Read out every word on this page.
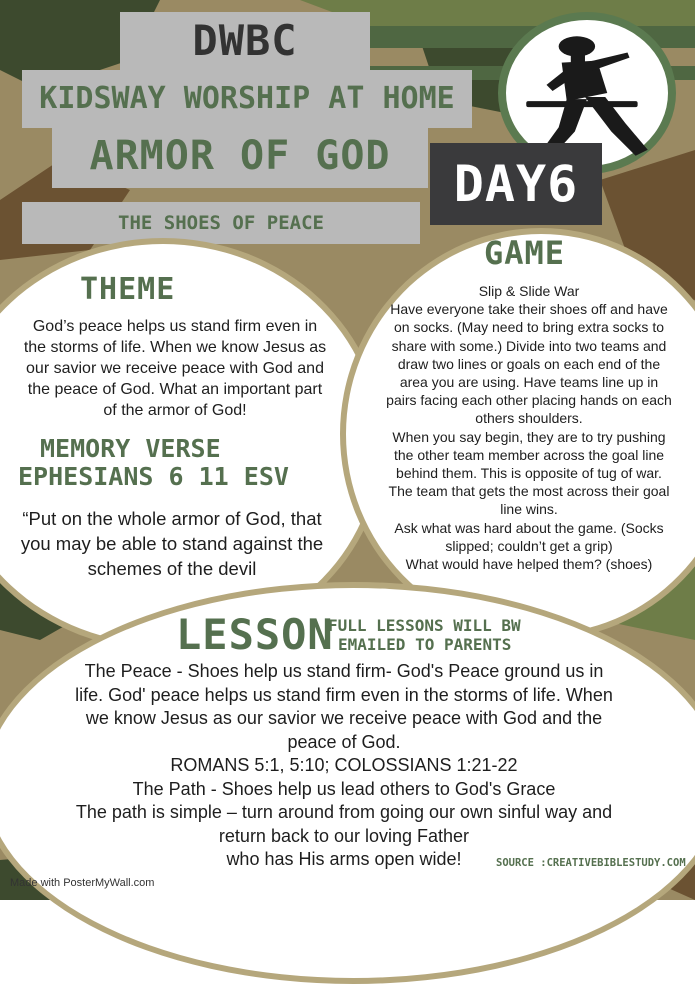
DWBC
KIDSWAY WORSHIP AT HOME
ARMOR OF GOD	DAY6
THE SHOES OF PEACE
THEME
God’s peace helps us stand firm even in the storms of life. When we know Jesus as our savior we receive peace with God and the peace of God. What an important part of the armor of God!
MEMORY VERSE
EPHESIANS 6 11 ESV
“Put on the whole armor of God, that you may be able to stand against the schemes of the devil
GAME
Slip & Slide War
Have everyone take their shoes off and have on socks. (May need to bring extra socks to share with some.) Divide into two teams and draw two lines or goals on each end of the area you are using. Have teams line up in pairs facing each other placing hands on each others shoulders.
When you say begin, they are to try pushing the other team member across the goal line behind them. This is opposite of tug of war. The team that gets the most across their goal line wins.
Ask what was hard about the game. (Socks slipped; couldn’t get a grip)
What would have helped them? (shoes)
LESSON
FULL LESSONS WILL BW
EMAILED TO PARENTS
The Peace - Shoes help us stand firm- God's Peace ground us in life. God' peace helps us stand firm even in the storms of life. When we know Jesus as our savior we receive peace with God and the peace of God.
ROMANS 5:1, 5:10; COLOSSIANS 1:21-22
The Path - Shoes help us lead others to God's Grace
The path is simple – turn around from going our own sinful way and return back to our loving Father
who has His arms open wide!	SOURCE :CREATIVEBIBLESTUDY.COM
Made with PosterMyWall.com
